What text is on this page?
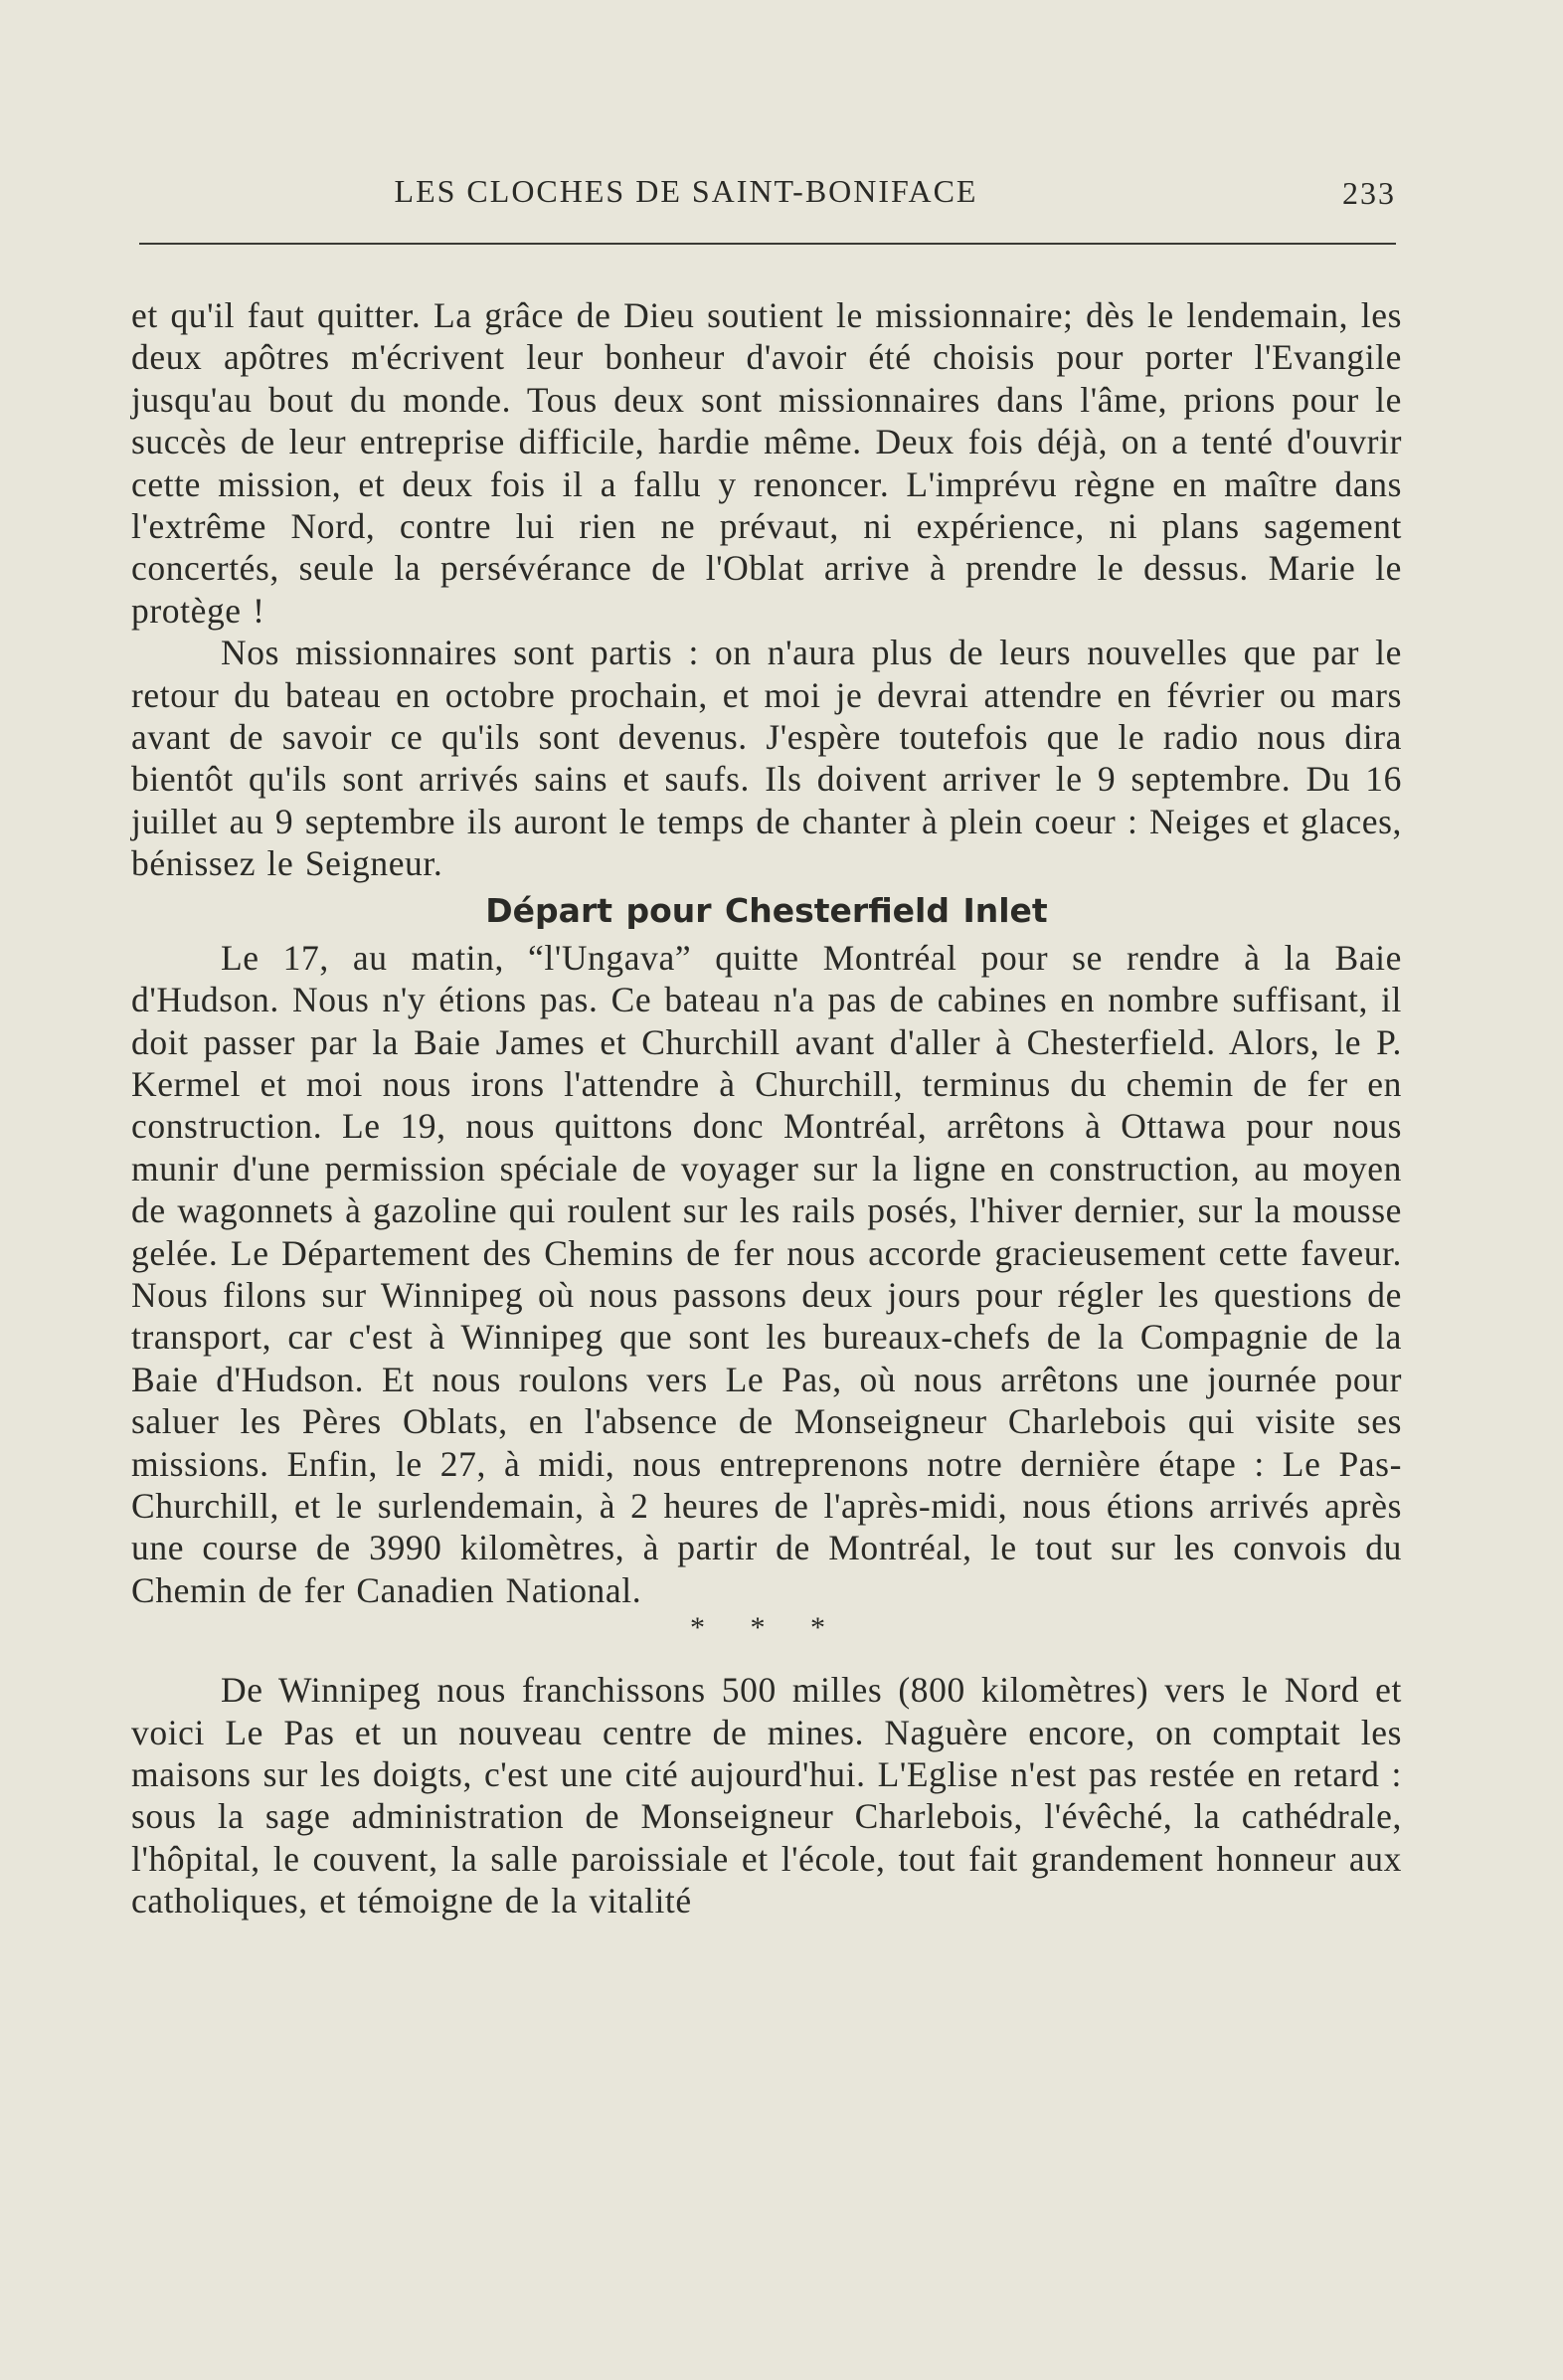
LES CLOCHES DE SAINT-BONIFACE	233

et qu'il faut quitter. La grâce de Dieu soutient le missionnaire; dès le lendemain, les deux apôtres m'écrivent leur bonheur d'avoir été choisis pour porter l'Evangile jusqu'au bout du monde. Tous deux sont missionnaires dans l'âme, prions pour le succès de leur entreprise difficile, hardie même. Deux fois déjà, on a tenté d'ouvrir cette mission, et deux fois il a fallu y renoncer. L'imprévu règne en maître dans l'extrême Nord, contre lui rien ne prévaut, ni expérience, ni plans sagement concertés, seule la persévérance de l'Oblat arrive à prendre le dessus. Marie le protège !

Nos missionnaires sont partis : on n'aura plus de leurs nouvelles que par le retour du bateau en octobre prochain, et moi je devrai attendre en février ou mars avant de savoir ce qu'ils sont devenus. J'espère toutefois que le radio nous dira bientôt qu'ils sont arrivés sains et saufs. Ils doivent arriver le 9 septembre. Du 16 juillet au 9 septembre ils auront le temps de chanter à plein coeur : Neiges et glaces, bénissez le Seigneur.

Départ pour Chesterfield Inlet

Le 17, au matin, “l'Ungava” quitte Montréal pour se rendre à la Baie d'Hudson. Nous n'y étions pas. Ce bateau n'a pas de cabines en nombre suffisant, il doit passer par la Baie James et Churchill avant d'aller à Chesterfield. Alors, le P. Kermel et moi nous irons l'attendre à Churchill, terminus du chemin de fer en construction. Le 19, nous quittons donc Montréal, arrêtons à Ottawa pour nous munir d'une permission spéciale de voyager sur la ligne en construction, au moyen de wagonnets à gazoline qui roulent sur les rails posés, l'hiver dernier, sur la mousse gelée. Le Département des Chemins de fer nous accorde gracieusement cette faveur. Nous filons sur Winnipeg où nous passons deux jours pour régler les questions de transport, car c'est à Winnipeg que sont les bureaux-chefs de la Compagnie de la Baie d'Hudson. Et nous roulons vers Le Pas, où nous arrêtons une journée pour saluer les Pères Oblats, en l'absence de Monseigneur Charlebois qui visite ses missions. Enfin, le 27, à midi, nous entreprenons notre dernière étape : Le Pas-Churchill, et le surlendemain, à 2 heures de l'après-midi, nous étions arrivés après une course de 3990 kilomètres, à partir de Montréal, le tout sur les convois du Chemin de fer Canadien National.

* * *

De Winnipeg nous franchissons 500 milles (800 kilomètres) vers le Nord et voici Le Pas et un nouveau centre de mines. Naguère encore, on comptait les maisons sur les doigts, c'est une cité aujourd'hui. L'Eglise n'est pas restée en retard : sous la sage administration de Monseigneur Charlebois, l'évêché, la cathédrale, l'hôpital, le couvent, la salle paroissiale et l'école, tout fait grandement honneur aux catholiques, et témoigne de la vitalité
